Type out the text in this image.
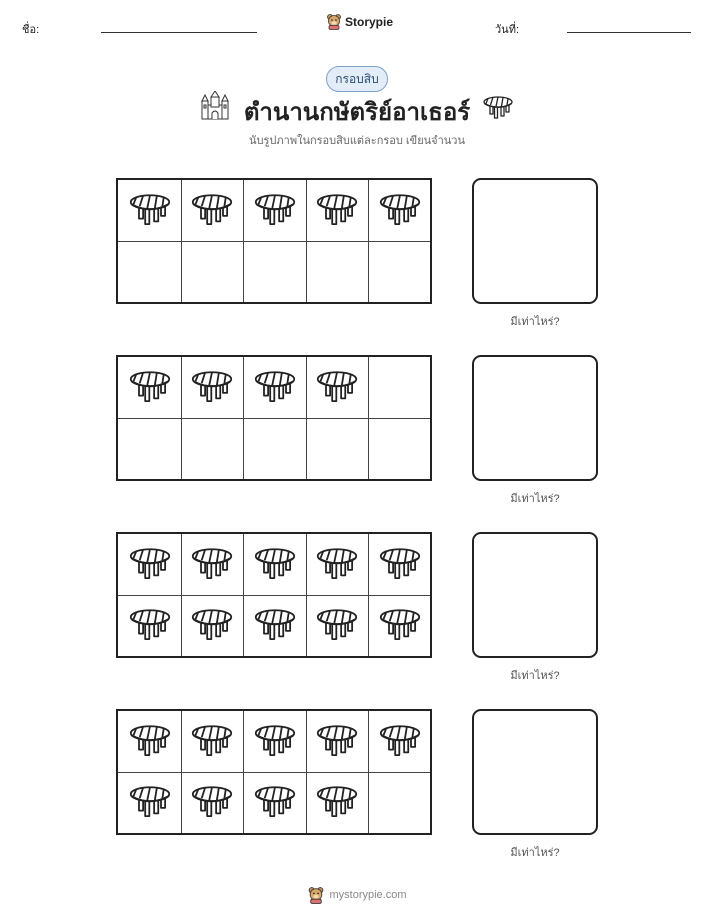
ชื่อ:
Storypie
วันที่:
กรอบสิบ
ตำนานกษัตริย์อาเธอร์
นับรูปภาพในกรอบสิบแต่ละกรอบ เขียนจำนวน
มีเท่าไหร่?
มีเท่าไหร่?
มีเท่าไหร่?
มีเท่าไหร่?
mystorypie.com
